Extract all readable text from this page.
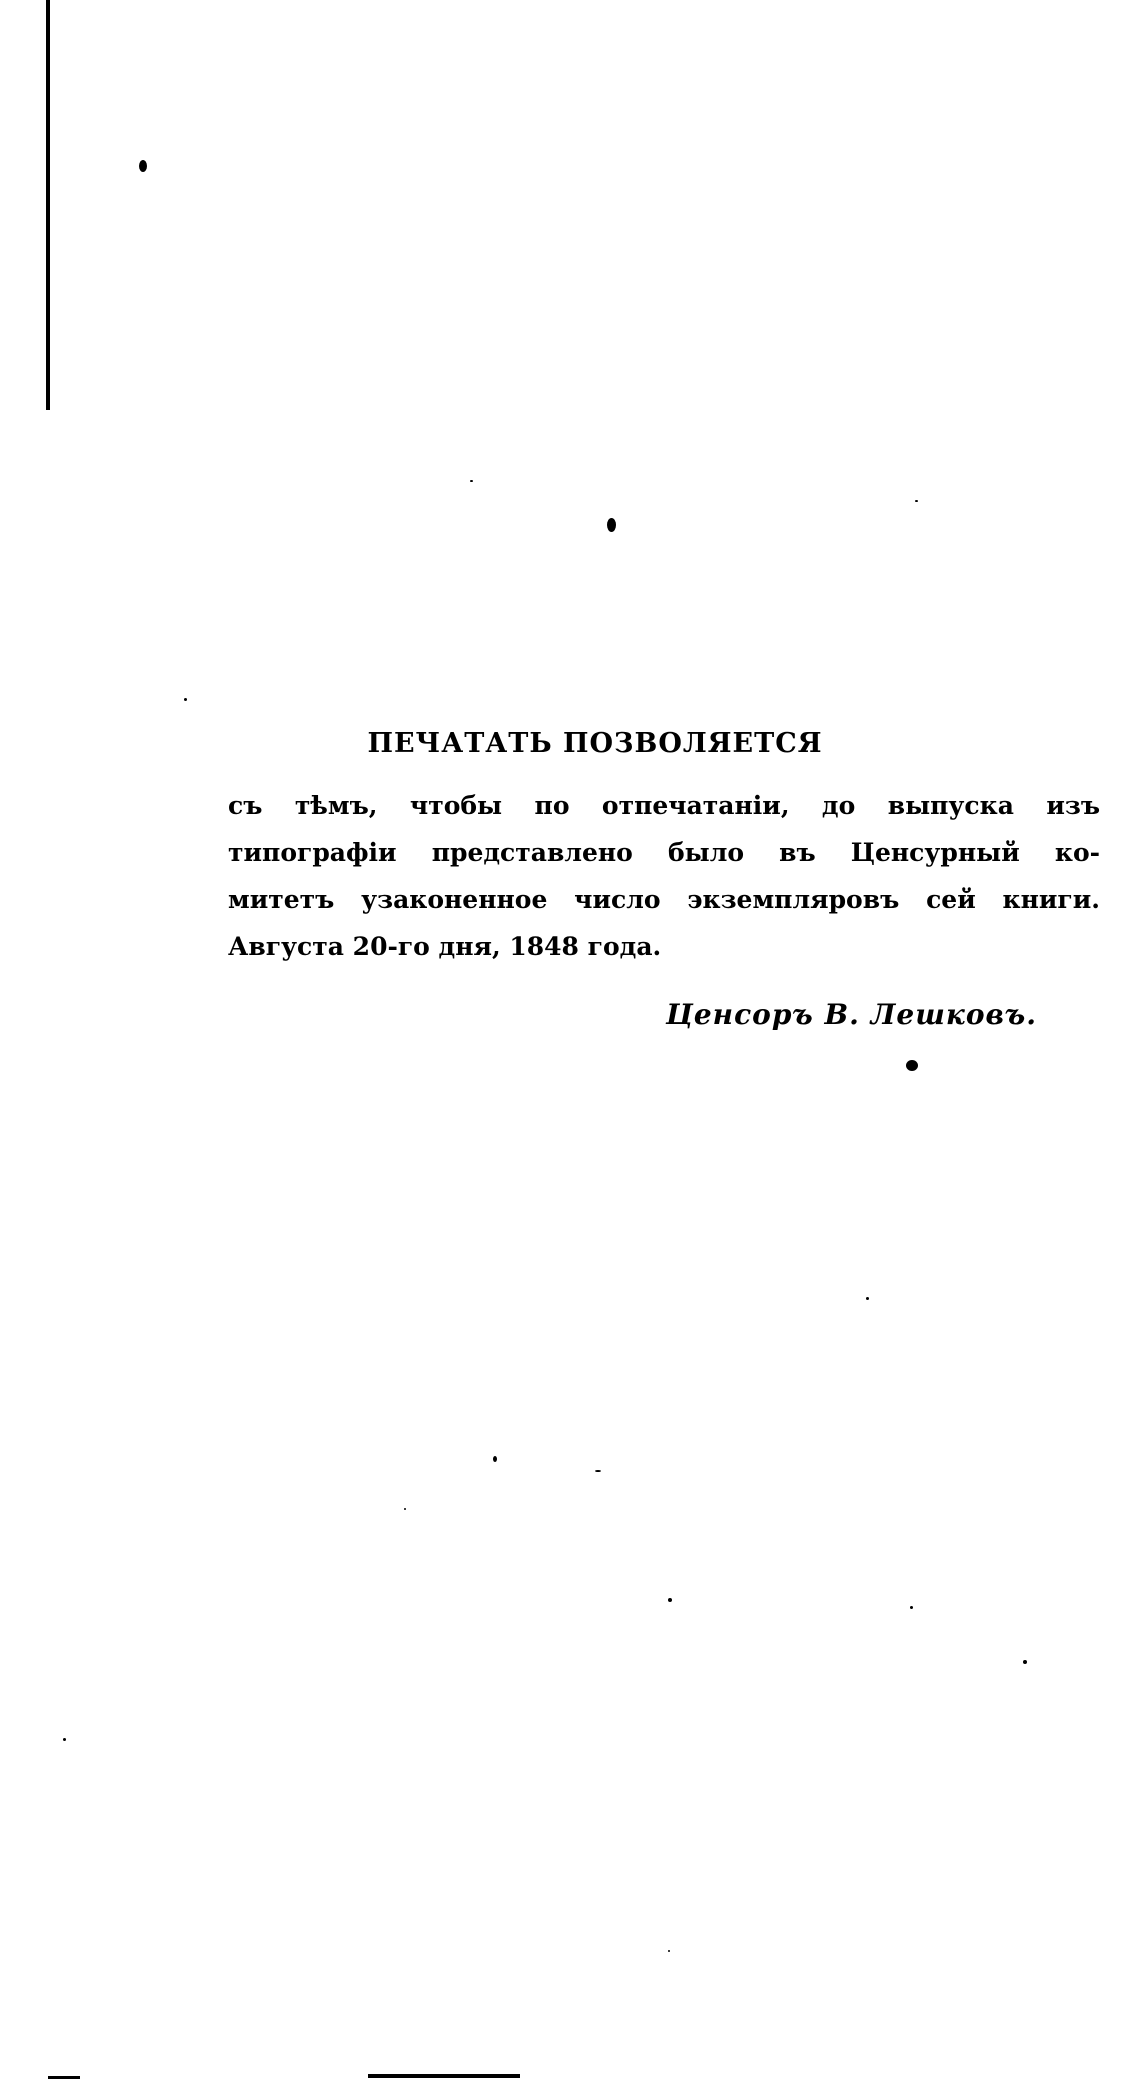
ПЕЧАТАТЬ ПОЗВОЛЯЕТСЯ
съ тѣмъ, чтобы по отпечатаніи, до выпуска изъ
типографіи представлено было въ Ценсурный ко-
митетъ узаконенное число экземпляровъ сей книги.
Августа 20-го дня, 1848 года.
Ценсоръ В. Лешковъ.
